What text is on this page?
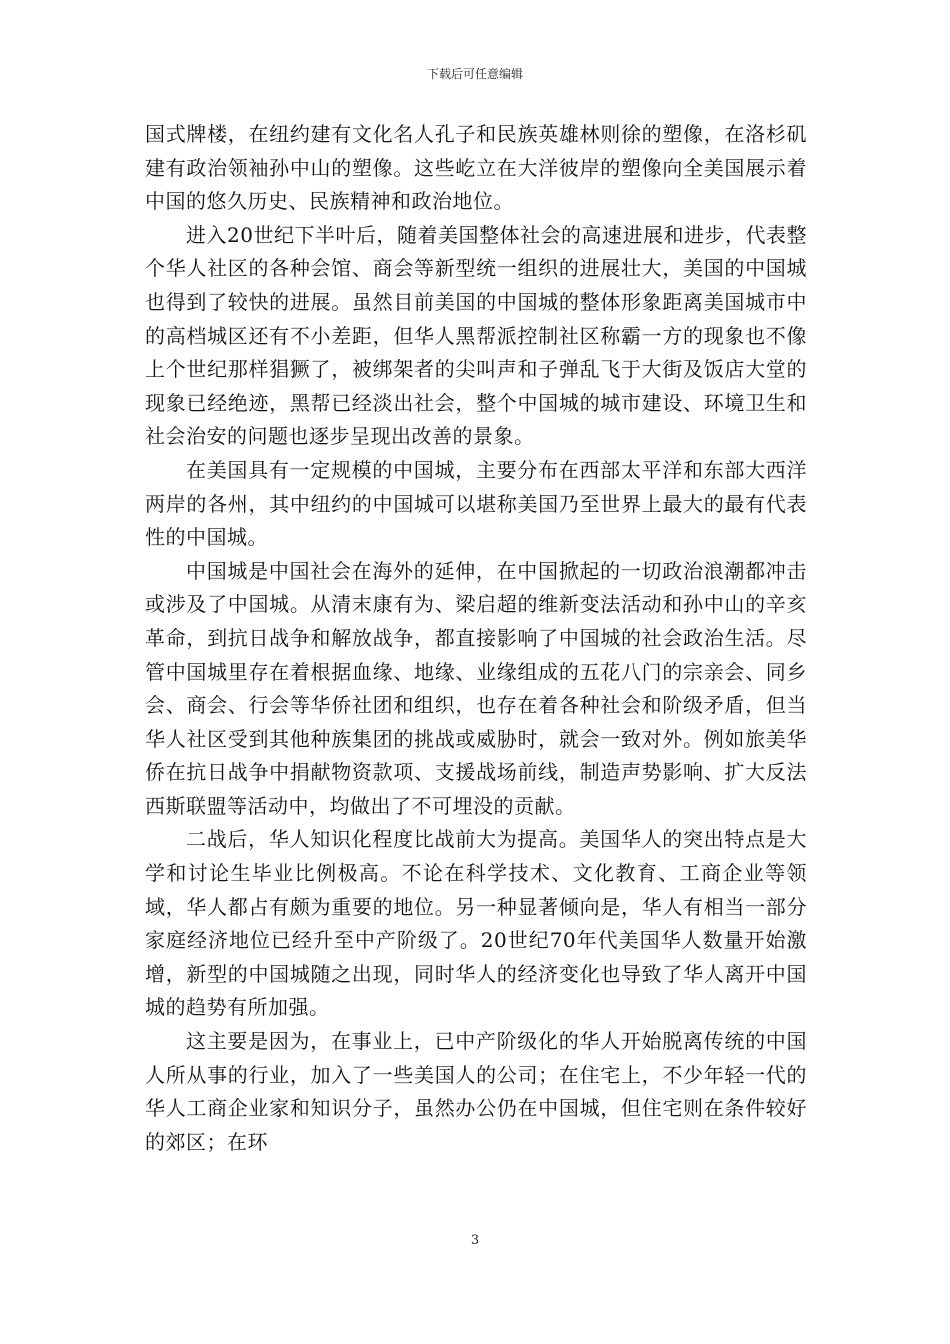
下载后可任意编辑

国式牌楼，在纽约建有文化名人孔子和民族英雄林则徐的塑像，在洛杉矶建有政治领袖孙中山的塑像。这些屹立在大洋彼岸的塑像向全美国展示着中国的悠久历史、民族精神和政治地位。

进入20世纪下半叶后，随着美国整体社会的高速进展和进步，代表整个华人社区的各种会馆、商会等新型统一组织的进展壮大，美国的中国城也得到了较快的进展。虽然目前美国的中国城的整体形象距离美国城市中的高档城区还有不小差距，但华人黑帮派控制社区称霸一方的现象也不像上个世纪那样猖獗了，被绑架者的尖叫声和子弹乱飞于大街及饭店大堂的现象已经绝迹，黑帮已经淡出社会，整个中国城的城市建设、环境卫生和社会治安的问题也逐步呈现出改善的景象。

在美国具有一定规模的中国城，主要分布在西部太平洋和东部大西洋两岸的各州，其中纽约的中国城可以堪称美国乃至世界上最大的最有代表性的中国城。

中国城是中国社会在海外的延伸，在中国掀起的一切政治浪潮都冲击或涉及了中国城。从清末康有为、梁启超的维新变法活动和孙中山的辛亥革命，到抗日战争和解放战争，都直接影响了中国城的社会政治生活。尽管中国城里存在着根据血缘、地缘、业缘组成的五花八门的宗亲会、同乡会、商会、行会等华侨社团和组织，也存在着各种社会和阶级矛盾，但当华人社区受到其他种族集团的挑战或威胁时，就会一致对外。例如旅美华侨在抗日战争中捐献物资款项、支援战场前线，制造声势影响、扩大反法西斯联盟等活动中，均做出了不可埋没的贡献。

二战后，华人知识化程度比战前大为提高。美国华人的突出特点是大学和讨论生毕业比例极高。不论在科学技术、文化教育、工商企业等领域，华人都占有颇为重要的地位。另一种显著倾向是，华人有相当一部分家庭经济地位已经升至中产阶级了。20世纪70年代美国华人数量开始激增，新型的中国城随之出现，同时华人的经济变化也导致了华人离开中国城的趋势有所加强。

这主要是因为，在事业上，已中产阶级化的华人开始脱离传统的中国人所从事的行业，加入了一些美国人的公司；在住宅上，不少年轻一代的华人工商企业家和知识分子，虽然办公仍在中国城，但住宅则在条件较好的郊区；在环

3
